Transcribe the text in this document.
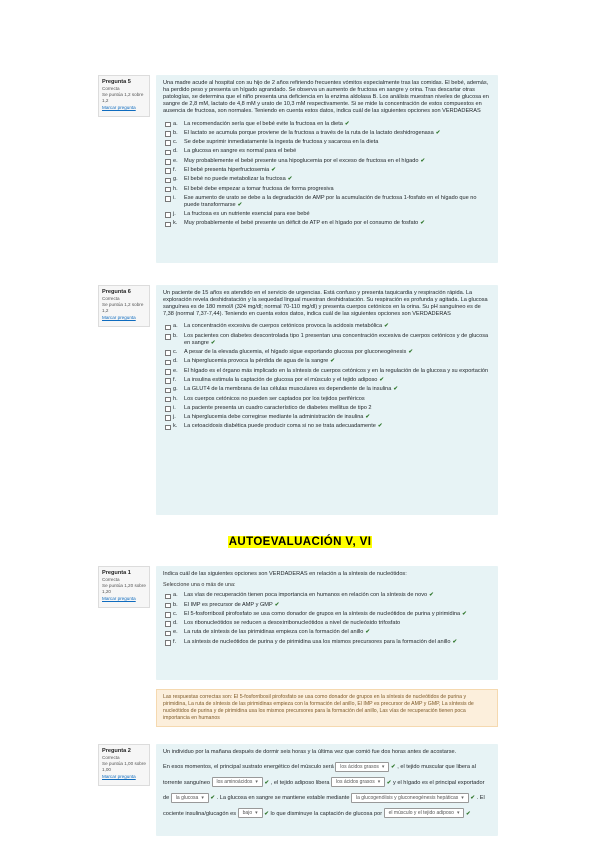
Pregunta 5
Correcta
Se puntúa 1,2 sobre 1,2
Marcar pregunta
Una madre acude al hospital con su hijo de 2 años refiriendo frecuentes vómitos especialmente tras las comidas. El bebé, además, ha perdido peso y presenta un hígado agrandado. Se observa un aumento de fructosa en sangre y orina. Tras descartar otras patologías, se determina que el niño presenta una deficiencia en la enzima aldolasa B. Los análisis muestran niveles de glucosa en sangre de 2,8 mM, lactato de 4,8 mM y urato de 10,3 mM respectivamente. Si se mide la concentración de estos compuestos en ausencia de fructosa, son normales. Teniendo en cuenta estos datos, indica cuál de las siguientes opciones son VERDADERAS
a.	La recomendación sería que el bebé evite la fructosa en la dieta ✔
b.	El lactato se acumula porque proviene de la fructosa a través de la ruta de la lactato deshidrogenasa ✔
c.	Se debe suprimir inmediatamente la ingesta de fructosa y sacarosa en la dieta
d.	La glucosa en sangre es normal para el bebé
e.	Muy probablemente el bebé presente una hipoglucemia por el exceso de fructosa en el hígado ✔
f.	El bebé presenta hiperfructosemia ✔
g.	El bebé no puede metabolizar la fructosa ✔
h.	El bebé debe empezar a tomar fructosa de forma progresiva
i.	Ese aumento de urato se debe a la degradación de AMP por la acumulación de fructosa 1-fosfato en el hígado que no puede transformarse ✔
j.	La fructosa es un nutriente esencial para ese bebé
k.	Muy probablemente el bebé presente un déficit de ATP en el hígado por el consumo de fosfato ✔
Pregunta 6
Correcta
Se puntúa 1,2 sobre 1,2
Marcar pregunta
Un paciente de 15 años es atendido en el servicio de urgencias. Está confuso y presenta taquicardia y respiración rápida. La exploración revela deshidratación y la sequedad lingual muestran deshidratación. Su respiración es profunda y agitada. La glucosa sanguínea es de 180 mmol/l (324 mg/dl; normal 70-110 mg/dl) y presenta cuerpos cetónicos en la orina. Su pH sanguíneo es de 7,38 (normal 7,37-7,44). Teniendo en cuenta estos datos, indica cuál de las siguientes opciones son VERDADERAS
a.	La concentración excesiva de cuerpos cetónicos provoca la acidosis metabólica ✔
b.	Los pacientes con diabetes descontrolada tipo 1 presentan una concentración excesiva de cuerpos cetónicos y de glucosa en sangre ✔
c.	A pesar de la elevada glucemia, el hígado sigue exportando glucosa por gluconeogénesis ✔
d.	La hiperglucemia provoca la pérdida de agua de la sangre ✔
e.	El hígado es el órgano más implicado en la síntesis de cuerpos cetónicos y en la regulación de la glucosa y su exportación
f.	La insulina estimula la captación de glucosa por el músculo y el tejido adiposo ✔
g.	La GLUT4 de la membrana de las células musculares es dependiente de la insulina ✔
h.	Los cuerpos cetónicos no pueden ser captados por los tejidos periféricos
i.	La paciente presenta un cuadro característico de diabetes mellitus de tipo 2
j.	La hiperglucemia debe corregirse mediante la administración de insulina ✔
k.	La cetoacidosis diabética puede producir coma si no se trata adecuadamente ✔
AUTOEVALUACIÓN V, VI
Pregunta 1
Correcta
Se puntúa 1,20 sobre 1,20
Marcar pregunta
Indica cuál de las siguientes opciones son VERDADERAS en relación a la síntesis de nucleótidos:
Seleccione una o más de una:
a.	Las vías de recuperación tienen poca importancia en humanos en relación con la síntesis de novo ✔
b.	El IMP es precursor de AMP y GMP ✔
c.	El 5-fosforribosil pirofosfato se usa como donador de grupos en la síntesis de nucleótidos de purina y pirimidina ✔
d.	Los ribonucleótidos se reducen a desoxirribonucleótidos a nivel de nucleósido trifosfato
e.	La ruta de síntesis de las pirimidinas empieza con la formación del anillo ✔
f.	La síntesis de nucleótidos de purina y de pirimidina usa los mismos precursores para la formación del anillo ✔
Las respuestas correctas son: El 5-fosforribosil pirofosfato se usa como donador de grupos en la síntesis de nucleótidos de purina y pirimidina, La ruta de síntesis de las pirimidinas empieza con la formación del anillo, El IMP es precursor de AMP y GMP, La síntesis de nucleótidos de purina y de pirimidina usa los mismos precursores para la formación del anillo, Las vías de recuperación tienen poca importancia en humanos
Pregunta 2
Correcta
Se puntúa 1,00 sobre 1,00
Marcar pregunta
Un individuo por la mañana después de dormir seis horas y la última vez que comió fue dos horas antes de acostarse.
En esos momentos, el principal sustrato energético del músculo será los ácidos grasos ▾ ✔ , el tejido muscular que libera al torrente sanguíneo los aminoácidos ▾ ✔ , el tejido adiposo libera los ácidos grasos ▾ ✔ y el hígado es el principal exportador de la glucosa ▾ ✔ . La glucosa en sangre se mantiene estable mediante la glucogenólisis y gluconeogénesis hepáticas ▾ ✔ . El cociente insulina/glucagón es bajo ▾ ✔ lo que disminuye la captación de glucosa por el músculo y el tejido adiposo ▾ ✔
